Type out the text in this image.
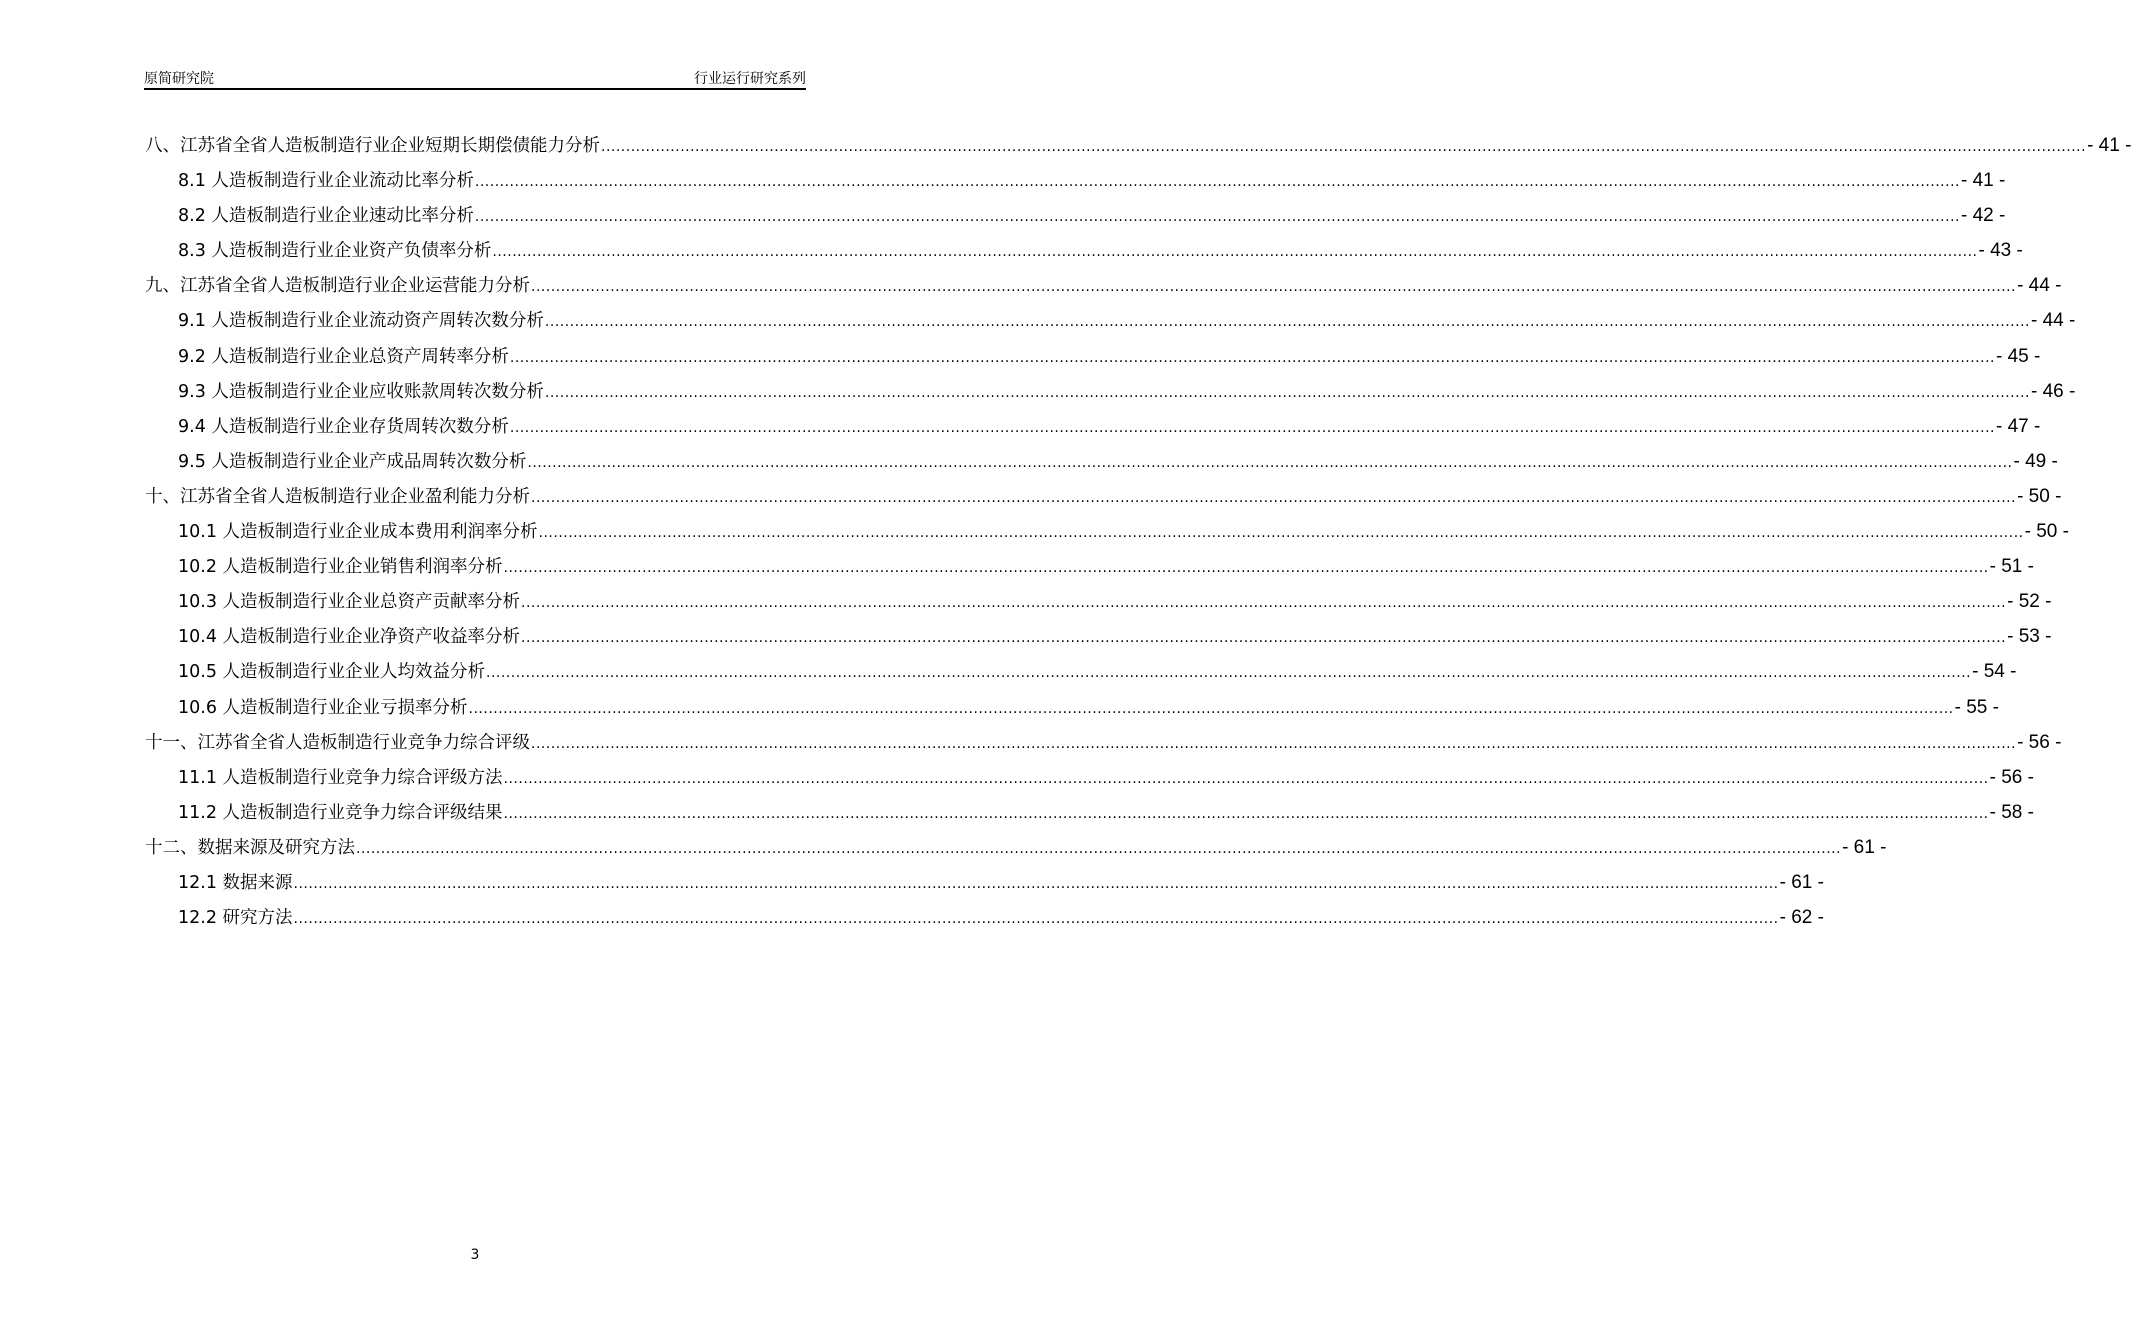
原简研究院	行业运行研究系列
八、江苏省全省人造板制造行业企业短期长期偿债能力分析 ............................................................................................................................................................................................................................................................................................................ - 41 -
8.1 人造板制造行业企业流动比率分析 ............................................................................................................................................................................................................................................................................................................ - 41 -
8.2 人造板制造行业企业速动比率分析 ............................................................................................................................................................................................................................................................................................................ - 42 -
8.3 人造板制造行业企业资产负债率分析 ............................................................................................................................................................................................................................................................................................................ - 43 -
九、江苏省全省人造板制造行业企业运营能力分析 ............................................................................................................................................................................................................................................................................................................ - 44 -
9.1 人造板制造行业企业流动资产周转次数分析 ............................................................................................................................................................................................................................................................................................................ - 44 -
9.2 人造板制造行业企业总资产周转率分析 ............................................................................................................................................................................................................................................................................................................ - 45 -
9.3 人造板制造行业企业应收账款周转次数分析 ............................................................................................................................................................................................................................................................................................................ - 46 -
9.4 人造板制造行业企业存货周转次数分析 ............................................................................................................................................................................................................................................................................................................ - 47 -
9.5 人造板制造行业企业产成品周转次数分析 ............................................................................................................................................................................................................................................................................................................ - 49 -
十、江苏省全省人造板制造行业企业盈利能力分析 ............................................................................................................................................................................................................................................................................................................ - 50 -
10.1 人造板制造行业企业成本费用利润率分析 ............................................................................................................................................................................................................................................................................................................ - 50 -
10.2 人造板制造行业企业销售利润率分析 ............................................................................................................................................................................................................................................................................................................ - 51 -
10.3 人造板制造行业企业总资产贡献率分析 ............................................................................................................................................................................................................................................................................................................ - 52 -
10.4 人造板制造行业企业净资产收益率分析 ............................................................................................................................................................................................................................................................................................................ - 53 -
10.5 人造板制造行业企业人均效益分析 ............................................................................................................................................................................................................................................................................................................ - 54 -
10.6 人造板制造行业企业亏损率分析 ............................................................................................................................................................................................................................................................................................................ - 55 -
十一、江苏省全省人造板制造行业竞争力综合评级 ............................................................................................................................................................................................................................................................................................................ - 56 -
11.1 人造板制造行业竞争力综合评级方法 ............................................................................................................................................................................................................................................................................................................ - 56 -
11.2 人造板制造行业竞争力综合评级结果 ............................................................................................................................................................................................................................................................................................................ - 58 -
十二、数据来源及研究方法 ............................................................................................................................................................................................................................................................................................................ - 61 -
12.1 数据来源 ............................................................................................................................................................................................................................................................................................................ - 61 -
12.2 研究方法 ............................................................................................................................................................................................................................................................................................................ - 62 -
3
